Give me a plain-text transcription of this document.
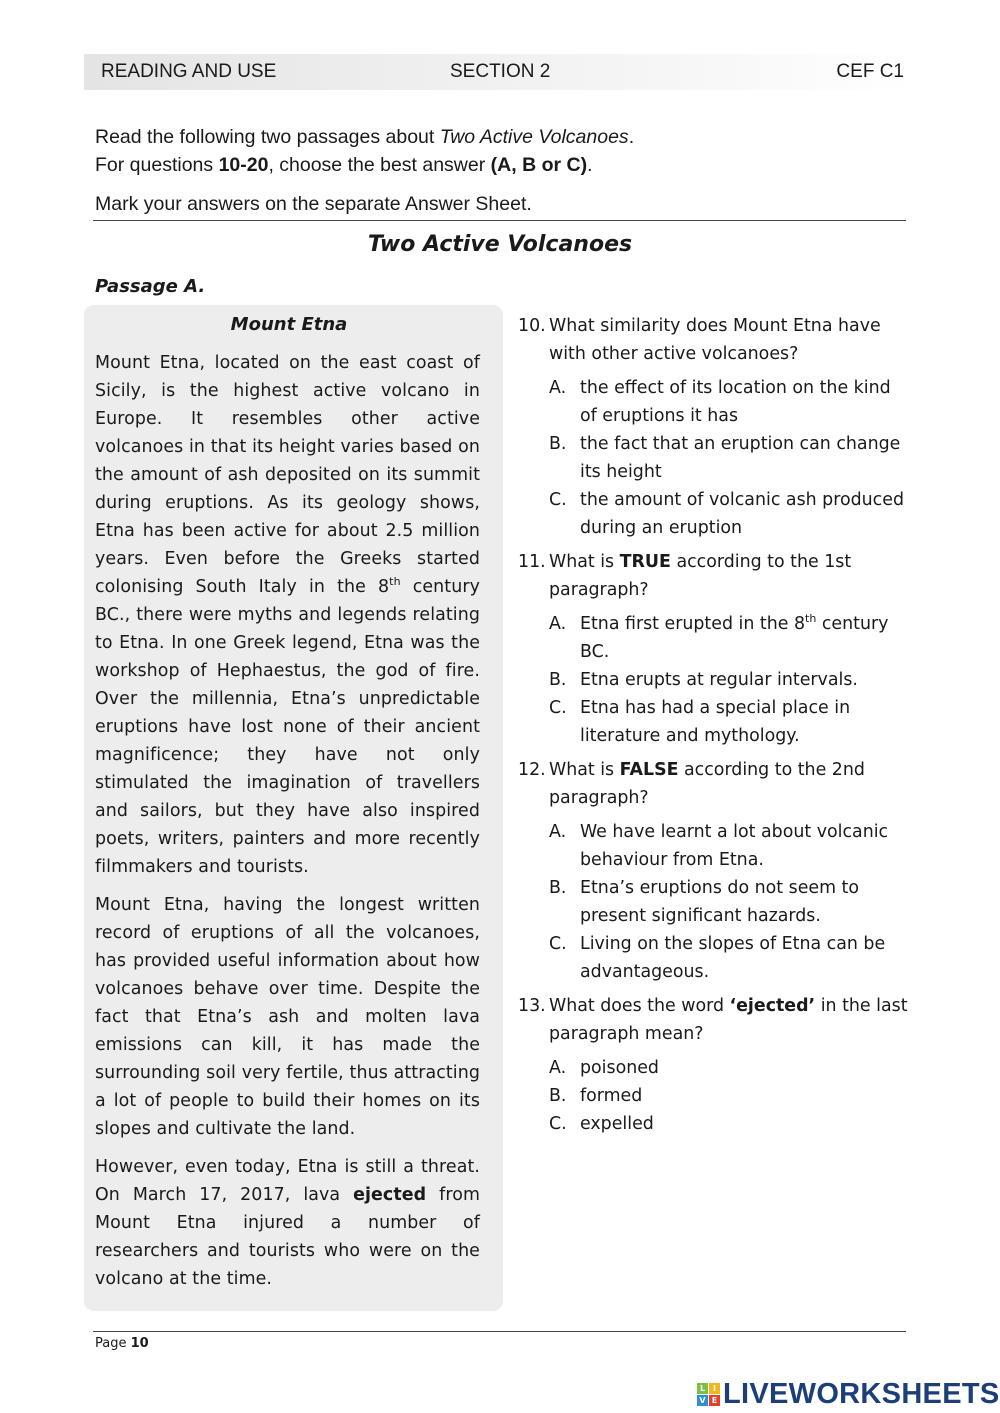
READING AND USE	SECTION 2	CEF C1
Read the following two passages about Two Active Volcanoes.
For questions 10-20, choose the best answer (A, B or C).
Mark your answers on the separate Answer Sheet.
Two Active Volcanoes
Passage A.
Mount Etna

Mount Etna, located on the east coast of Sicily, is the highest active volcano in Europe. It resembles other active volcanoes in that its height varies based on the amount of ash deposited on its summit during eruptions. As its geology shows, Etna has been active for about 2.5 million years. Even before the Greeks started colonising South Italy in the 8th century BC., there were myths and legends relating to Etna. In one Greek legend, Etna was the workshop of Hephaestus, the god of fire. Over the millennia, Etna’s unpredictable eruptions have lost none of their ancient magnificence; they have not only stimulated the imagination of travellers and sailors, but they have also inspired poets, writers, painters and more recently filmmakers and tourists.

Mount Etna, having the longest written record of eruptions of all the volcanoes, has provided useful information about how volcanoes behave over time. Despite the fact that Etna’s ash and molten lava emissions can kill, it has made the surrounding soil very fertile, thus attracting a lot of people to build their homes on its slopes and cultivate the land.

However, even today, Etna is still a threat. On March 17, 2017, lava ejected from Mount Etna injured a number of researchers and tourists who were on the volcano at the time.

10. What similarity does Mount Etna have with other active volcanoes?
A. the effect of its location on the kind of eruptions it has
B. the fact that an eruption can change its height
C. the amount of volcanic ash produced during an eruption
11. What is TRUE according to the 1st paragraph?
A. Etna first erupted in the 8th century BC.
B. Etna erupts at regular intervals.
C. Etna has had a special place in literature and mythology.
12. What is FALSE according to the 2nd paragraph?
A. We have learnt a lot about volcanic behaviour from Etna.
B. Etna’s eruptions do not seem to present significant hazards.
C. Living on the slopes of Etna can be advantageous.
13. What does the word ‘ejected’ in the last paragraph mean?
A. poisoned
B. formed
C. expelled
Page 10
L I
V E LIVEWORKSHEETS
